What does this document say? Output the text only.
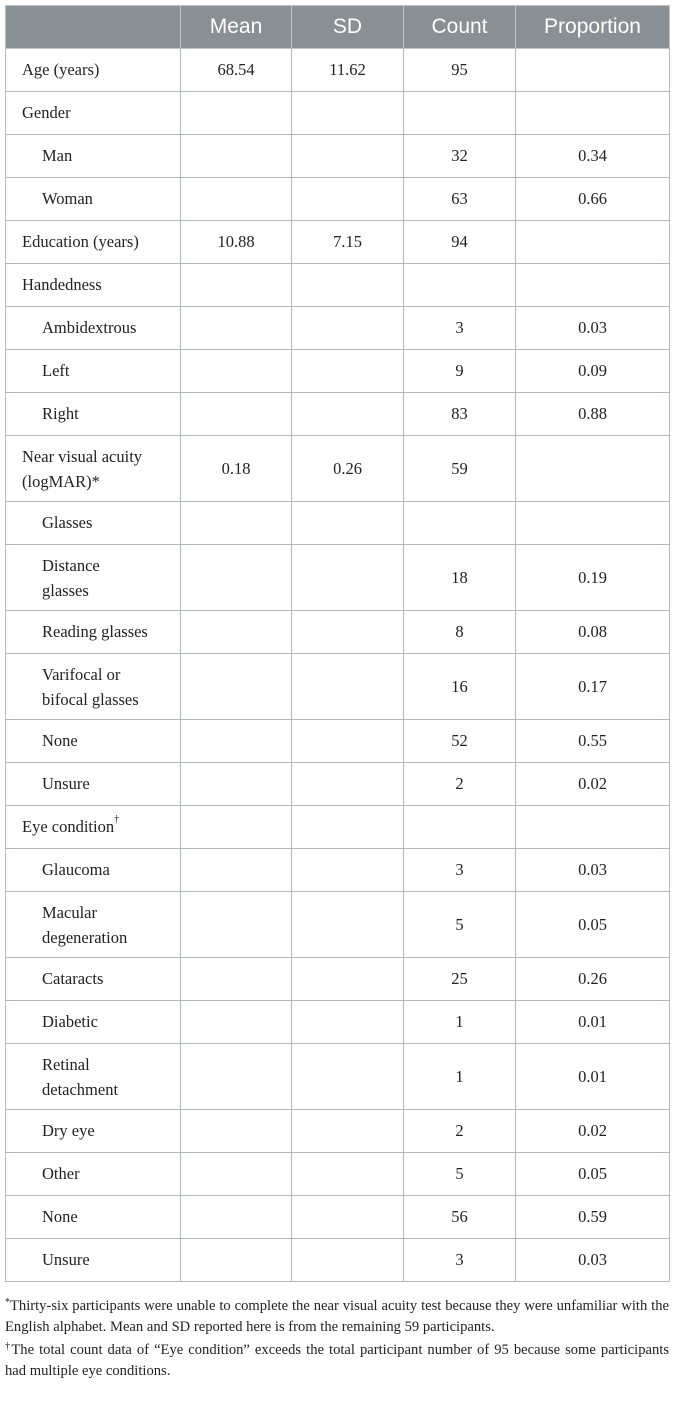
	Mean	SD	Count	Proportion
Age (years)	68.54	11.62	95	
Gender				
Man			32	0.34
Woman			63	0.66
Education (years)	10.88	7.15	94	
Handedness				
Ambidextrous			3	0.03
Left			9	0.09
Right			83	0.88

Near visual acuity
(logMAR)*	0.18	0.26	59	
Glasses				

Distance
glasses			18	0.19
Reading glasses			8	0.08

Varifocal or
bifocal glasses			16	0.17
None			52	0.55
Unsure			2	0.02
Eye condition†				
Glaucoma			3	0.03

Macular
degeneration			5	0.05
Cataracts			25	0.26
Diabetic			1	0.01

Retinal
detachment			1	0.01
Dry eye			2	0.02
Other			5	0.05
None			56	0.59
Unsure			3	0.03

*Thirty-six participants were unable to complete the near visual acuity test because they were unfamiliar with the English alphabet. Mean and SD reported here is from the remaining 59 participants.

†The total count data of “Eye condition” exceeds the total participant number of 95 because some participants had multiple eye conditions.
